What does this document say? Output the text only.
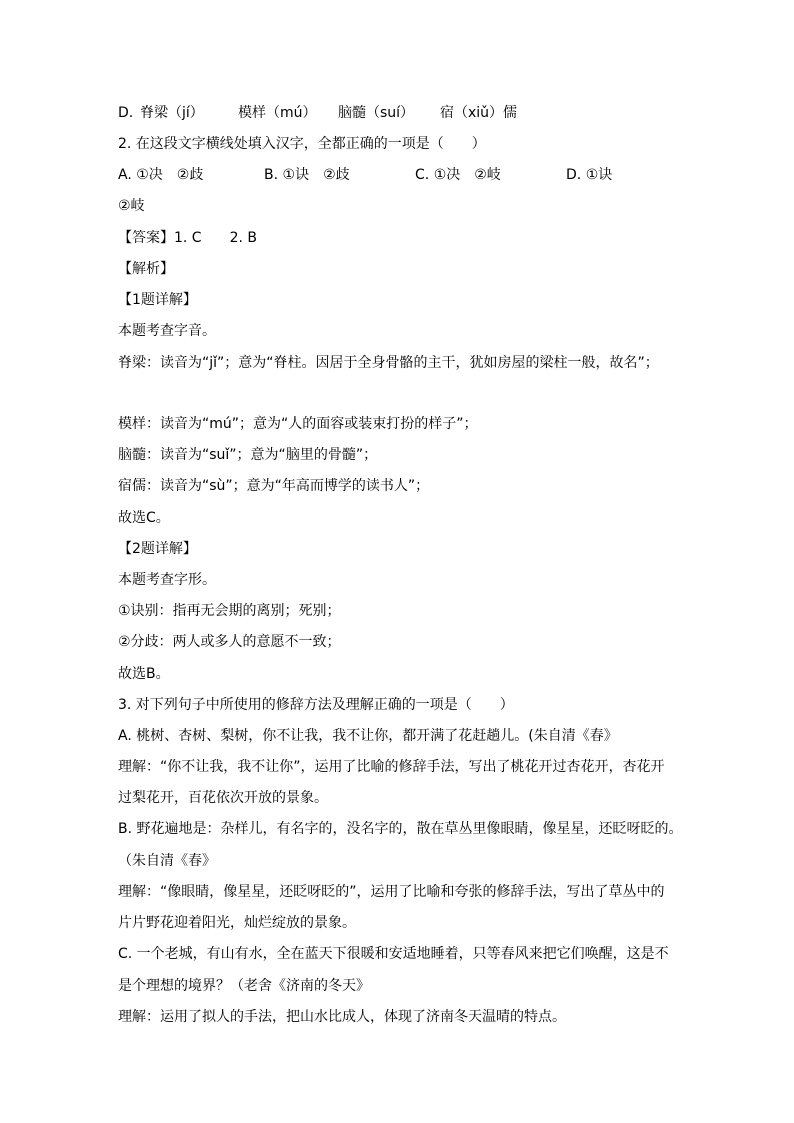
D. 脊梁（jí） 模样（mú） 脑髓（suí） 宿（xiǔ）儒
2. 在这段文字横线处填入汉字，全都正确的一项是（　　）
A. ①决　②歧	B. ①诀　②歧	C. ①决　②岐	D. ①诀
②岐
【答案】1. C　　2. B
【解析】
【1题详解】
本题考查字音。
脊梁：读音为“jǐ”；意为“脊柱。因居于全身骨骼的主干，犹如房屋的梁柱一般，故名”；
模样：读音为“mú”；意为“人的面容或装束打扮的样子”；
脑髓：读音为“suǐ”；意为“脑里的骨髓”；
宿儒：读音为“sù”；意为“年高而博学的读书人”；
故选C。
【2题详解】
本题考查字形。
①诀别：指再无会期的离别；死别；
②分歧：两人或多人的意愿不一致；
故选B。
3. 对下列句子中所使用的修辞方法及理解正确的一项是（　　）
A. 桃树、杏树、梨树，你不让我，我不让你，都开满了花赶趟儿。(朱自清《春》
理解：“你不让我，我不让你”，运用了比喻的修辞手法，写出了桃花开过杏花开，杏花开
过梨花开，百花依次开放的景象。
B. 野花遍地是：杂样儿，有名字的，没名字的，散在草丛里像眼睛，像星星，还眨呀眨的。
（朱自清《春》
理解：“像眼睛，像星星，还眨呀眨的”，运用了比喻和夸张的修辞手法，写出了草丛中的
片片野花迎着阳光，灿烂绽放的景象。
C. 一个老城，有山有水，全在蓝天下很暖和安适地睡着，只等春风来把它们唤醒，这是不
是个理想的境界？（老舍《济南的冬天》
理解：运用了拟人的手法，把山水比成人，体现了济南冬天温晴的特点。
